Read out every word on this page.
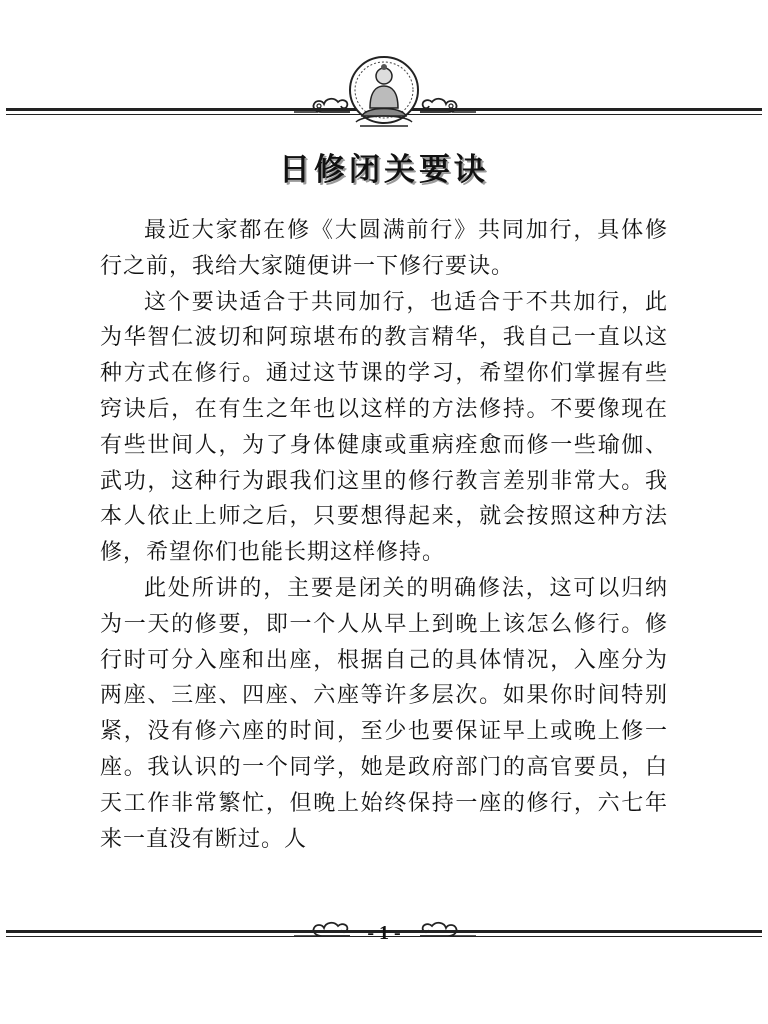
日修闭关要诀

最近大家都在修《大圆满前行》共同加行，具体修行之前，我给大家随便讲一下修行要诀。

这个要诀适合于共同加行，也适合于不共加行，此为华智仁波切和阿琼堪布的教言精华，我自己一直以这种方式在修行。通过这节课的学习，希望你们掌握有些窍诀后，在有生之年也以这样的方法修持。不要像现在有些世间人，为了身体健康或重病痊愈而修一些瑜伽、武功，这种行为跟我们这里的修行教言差别非常大。我本人依止上师之后，只要想得起来，就会按照这种方法修，希望你们也能长期这样修持。

此处所讲的，主要是闭关的明确修法，这可以归纳为一天的修要，即一个人从早上到晚上该怎么修行。修行时可分入座和出座，根据自己的具体情况，入座分为两座、三座、四座、六座等许多层次。如果你时间特别紧，没有修六座的时间，至少也要保证早上或晚上修一座。我认识的一个同学，她是政府部门的高官要员，白天工作非常繁忙，但晚上始终保持一座的修行，六七年来一直没有断过。人

- 1 -
